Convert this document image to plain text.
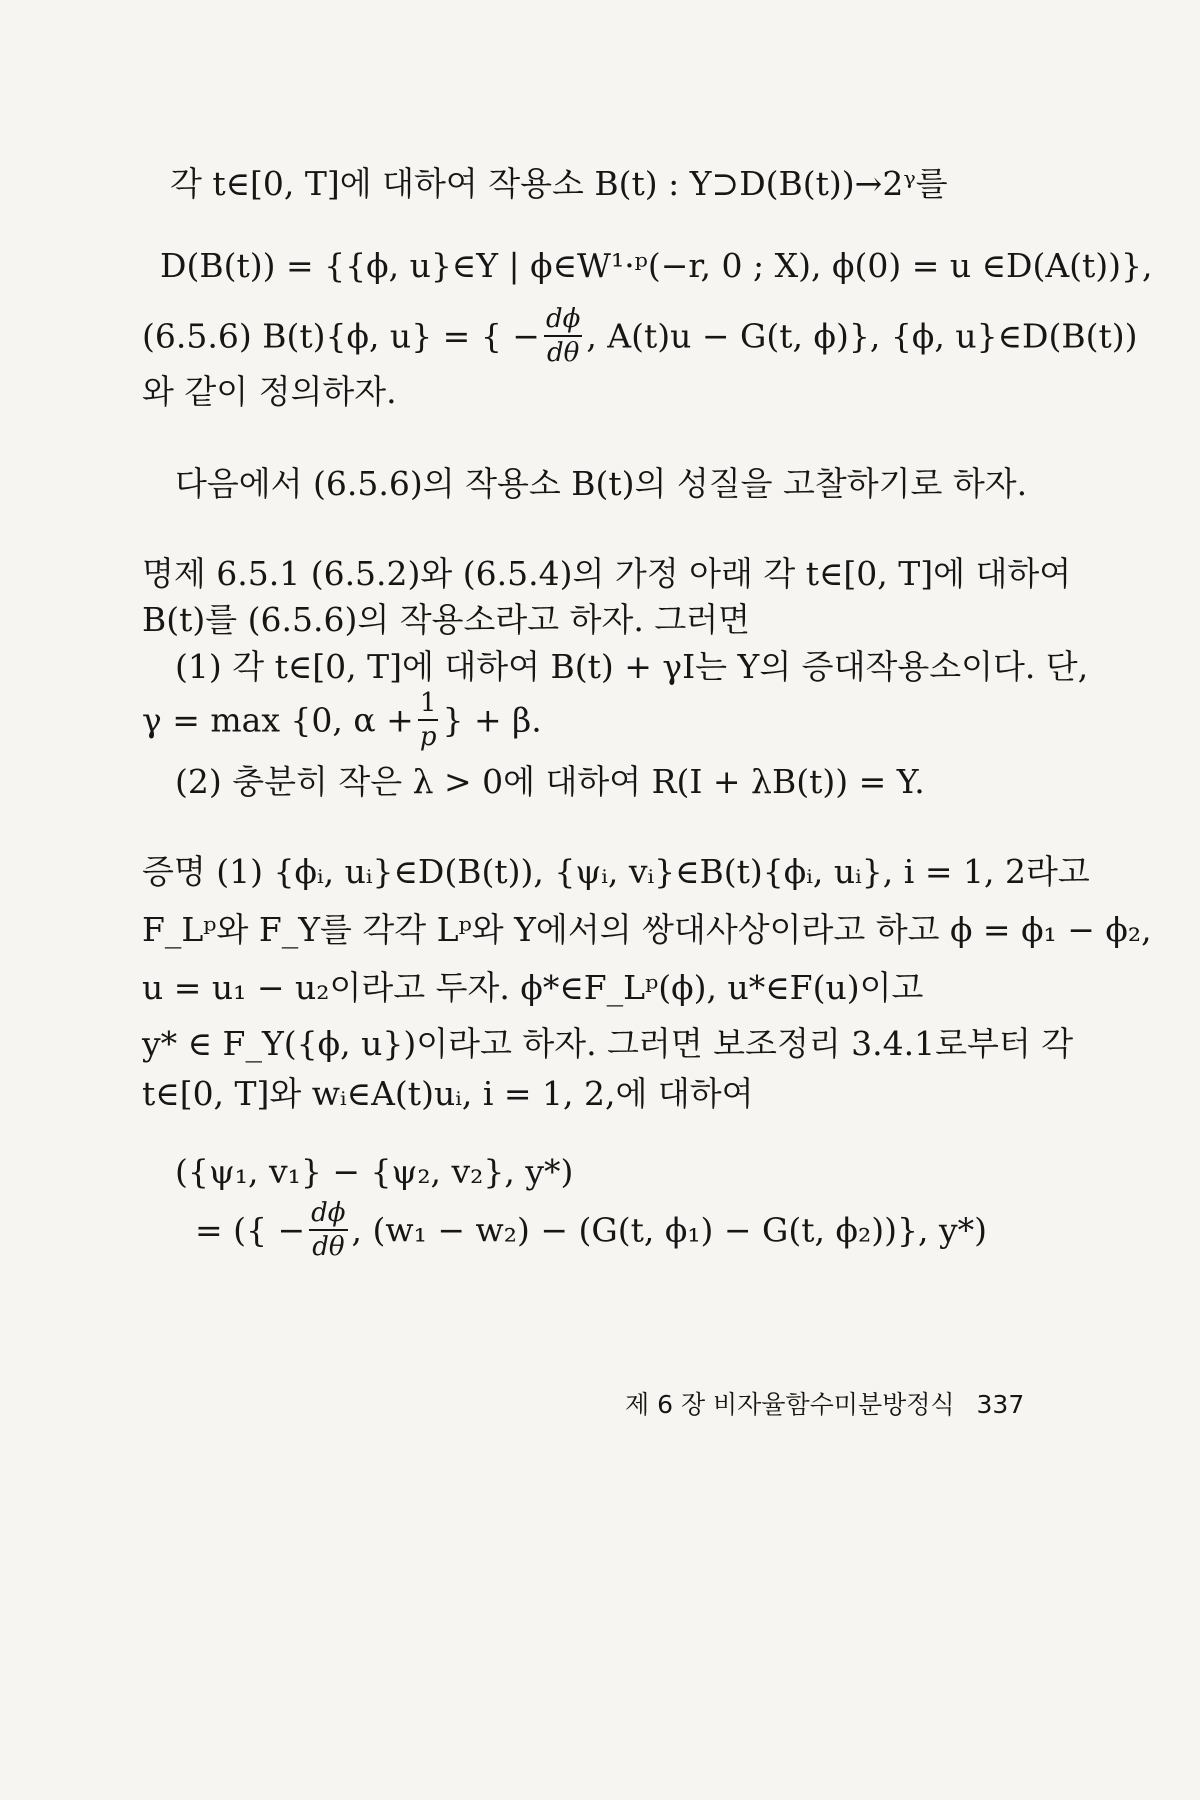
각 t∈[0, T]에 대하여 작용소 B(t) : Y⊃D(B(t))→2ᵞ를
D(B(t)) = {{ϕ, u}∈Y | ϕ∈W¹·ᵖ(−r, 0 ; X), ϕ(0) = u ∈D(A(t))},
(6.5.6) B(t){ϕ, u} = { − $\frac{d\phi}{d\theta}$ , A(t)u − G(t, ϕ)}, {ϕ, u}∈D(B(t))
와 같이 정의하자.
다음에서 (6.5.6)의 작용소 B(t)의 성질을 고찰하기로 하자.
명제 6.5.1 (6.5.2)와 (6.5.4)의 가정 아래 각 t∈[0, T]에 대하여
B(t)를 (6.5.6)의 작용소라고 하자. 그러면
(1) 각 t∈[0, T]에 대하여 B(t) + γI는 Y의 증대작용소이다. 단,
γ = max {0, $\alpha + \frac{1}{p}$ } + β.
(2) 충분히 작은 λ > 0에 대하여 R(I + λB(t)) = Y.
증명 (1) {ϕᵢ, uᵢ}∈D(B(t)), {ψᵢ, vᵢ}∈B(t){ϕᵢ, uᵢ}, i = 1, 2라고
F_Lᵖ와 F_Y를 각각 Lᵖ와 Y에서의 쌍대사상이라고 하고 ϕ = ϕ₁ − ϕ₂,
u = u₁ − u₂이라고 두자. ϕ*∈F_Lᵖ(ϕ), u*∈F(u)이고
y* ∈ F_Y({ϕ, u})이라고 하자. 그러면 보조정리 3.4.1로부터 각
t∈[0, T]와 wᵢ∈A(t)uᵢ, i = 1, 2,에 대하여
({ψ₁, v₁} − {ψ₂, v₂}, y*)
= ({ − $\frac{d\phi}{d\theta}$ , (w₁ − w₂) − (G(t, ϕ₁) − G(t, ϕ₂))}, y*)
제 6 장 비자율함수미분방정식 337
